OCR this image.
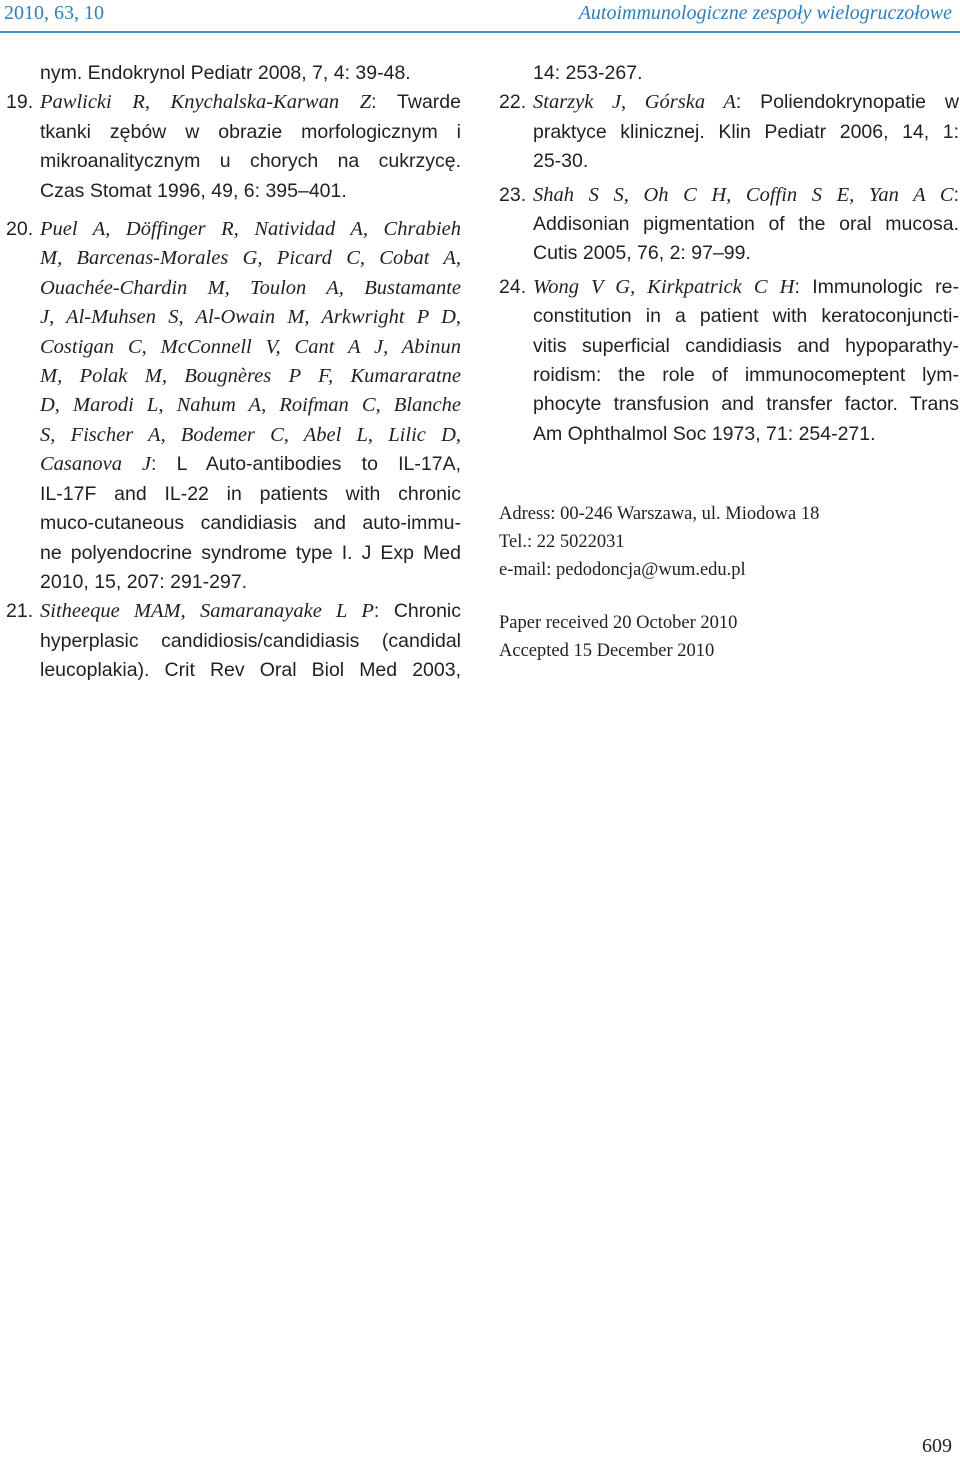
2010, 63, 10	Autoimmunologiczne zespoły wielogruczołowe
nym. Endokrynol Pediatr 2008, 7, 4: 39-48.
19. Pawlicki R, Knychalska-Karwan Z: Twarde
tkanki zębów w obrazie morfologicznym i
mikroanalitycznym u chorych na cukrzycę.
Czas Stomat 1996, 49, 6: 395–401.
20. Puel A, Döffinger R, Natividad A, Chrabieh
M, Barcenas-Morales G, Picard C, Cobat A,
Ouachée-Chardin M, Toulon A, Bustamante
J, Al-Muhsen S, Al-Owain M, Arkwright P D,
Costigan C, McConnell V, Cant A J, Abinun
M, Polak M, Bougnères P F, Kumararatne
D, Marodi L, Nahum A, Roifman C, Blanche
S, Fischer A, Bodemer C, Abel L, Lilic D,
Casanova J: L Auto-antibodies to IL-17A,
IL-17F and IL-22 in patients with chronic
muco-cutaneous candidiasis and auto-immu-
ne polyendocrine syndrome type I. J Exp Med
2010, 15, 207: 291-297.
21. Sitheeque MAM, Samaranayake L P: Chronic
hyperplasic candidiosis/candidiasis (candidal
leucoplakia). Crit Rev Oral Biol Med 2003,
14: 253-267.
22. Starzyk J, Górska A: Poliendokrynopatie w
praktyce klinicznej. Klin Pediatr 2006, 14, 1:
25-30.
23. Shah S S, Oh C H, Coffin S E, Yan A C:
Addisonian pigmentation of the oral mucosa.
Cutis 2005, 76, 2: 97–99.
24. Wong V G, Kirkpatrick C H: Immunologic re-
constitution in a patient with keratoconjuncti-
vitis superficial candidiasis and hypoparathy-
roidism: the role of immunocomeptent lym-
phocyte transfusion and transfer factor. Trans
Am Ophthalmol Soc 1973, 71: 254-271.
Adress: 00-246 Warszawa, ul. Miodowa 18
Tel.: 22 5022031
e-mail: pedodoncja@wum.edu.pl
Paper received 20 October 2010
Accepted 15 December 2010
609
